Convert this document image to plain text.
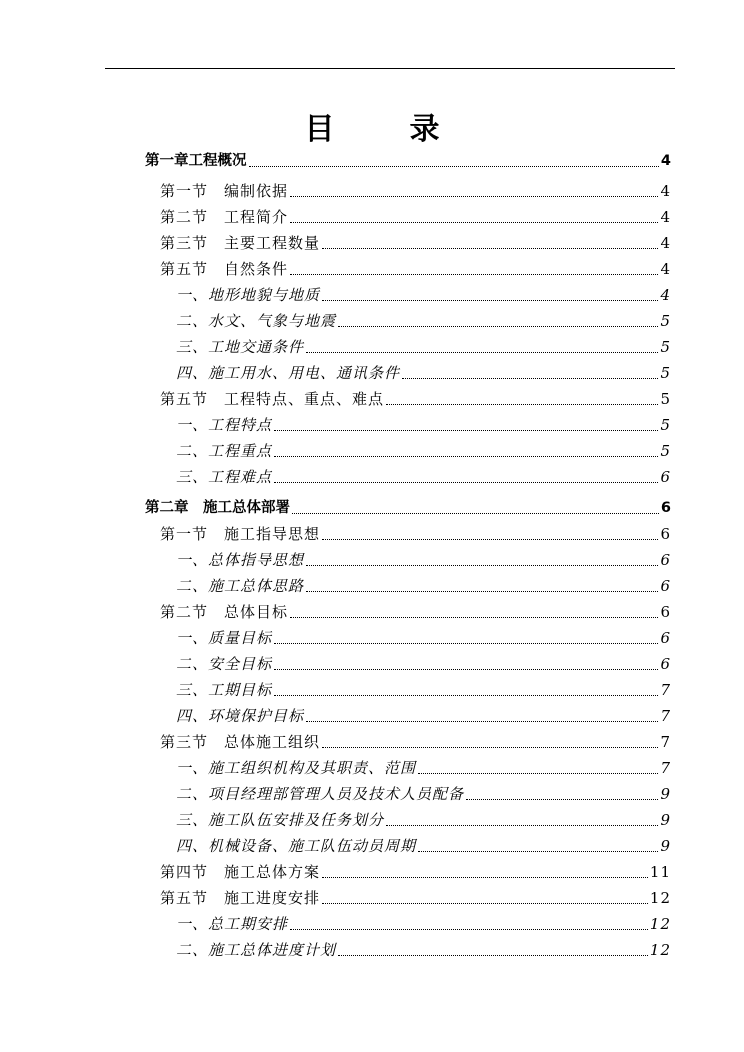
目	录
第一章工程概况	4
第一节　编制依据	4
第二节　工程简介	4
第三节　主要工程数量	4
第五节　自然条件	4
一、地形地貌与地质	4
二、水文、气象与地震	5
三、工地交通条件	5
四、施工用水、用电、通讯条件	5
第五节　工程特点、重点、难点	5
一、工程特点	5
二、工程重点	5
三、工程难点	6
第二章　施工总体部署	6
第一节　施工指导思想	6
一、总体指导思想	6
二、施工总体思路	6
第二节　总体目标	6
一、质量目标	6
二、安全目标	6
三、工期目标	7
四、环境保护目标	7
第三节　总体施工组织	7
一、施工组织机构及其职责、范围	7
二、项目经理部管理人员及技术人员配备	9
三、施工队伍安排及任务划分	9
四、机械设备、施工队伍动员周期	9
第四节　施工总体方案	11
第五节　施工进度安排	12
一、总工期安排	12
二、施工总体进度计划	12
